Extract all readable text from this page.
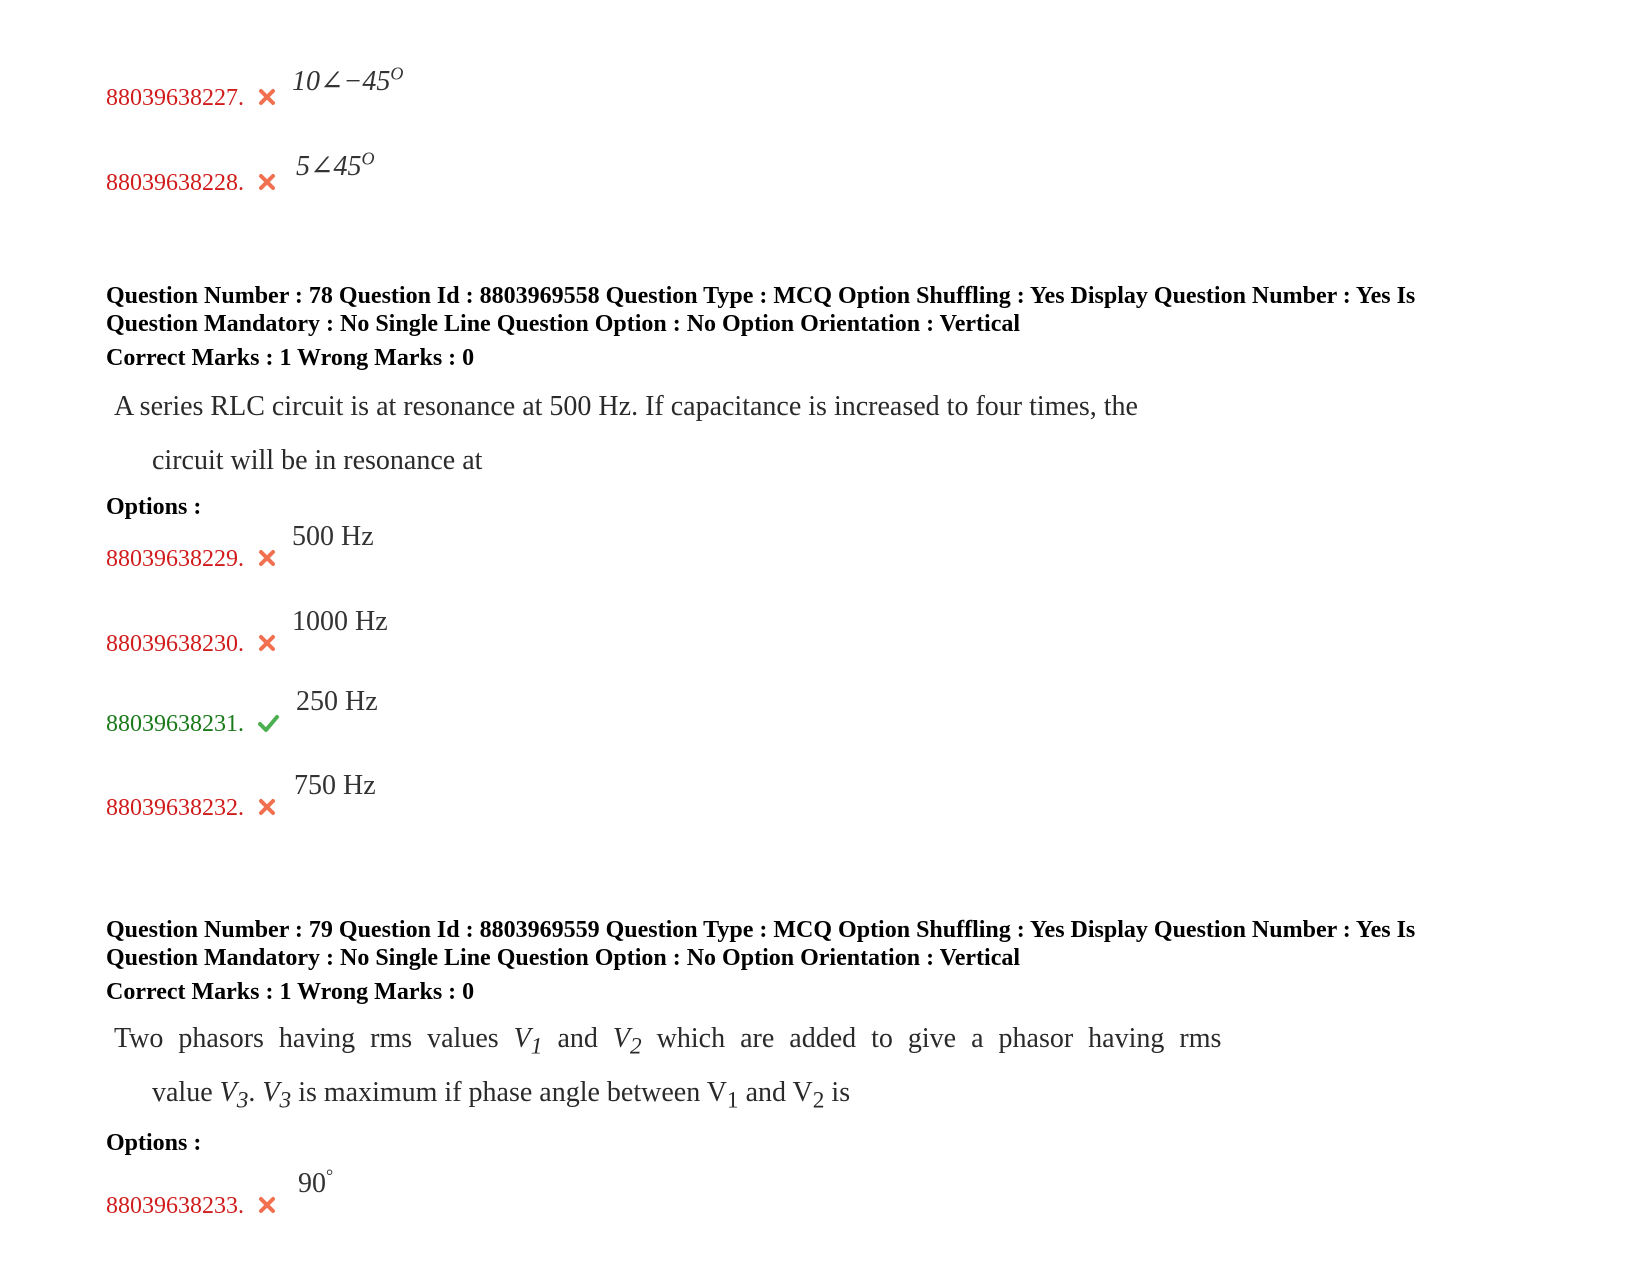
88039638227.
$10\angle-45^O$
88039638228.
$5\angle 45^O$
Question Number : 78 Question Id : 8803969558 Question Type : MCQ Option Shuffling : Yes Display Question Number : Yes Is
Question Mandatory : No Single Line Question Option : No Option Orientation : Vertical
Correct Marks : 1 Wrong Marks : 0
A series RLC circuit is at resonance at 500 Hz. If capacitance is increased to four times, the
circuit will be in resonance at
Options :
88039638229.
500 Hz
88039638230.
1000 Hz
88039638231.
250 Hz
88039638232.
750 Hz
Question Number : 79 Question Id : 8803969559 Question Type : MCQ Option Shuffling : Yes Display Question Number : Yes Is
Question Mandatory : No Single Line Question Option : No Option Orientation : Vertical
Correct Marks : 1 Wrong Marks : 0
Two phasors having rms values $V_1$ and $V_2$ which are added to give a phasor having rms
value $V_3$. $V_3$ is maximum if phase angle between $V_1$ and $V_2$ is
Options :
88039638233.
90°
